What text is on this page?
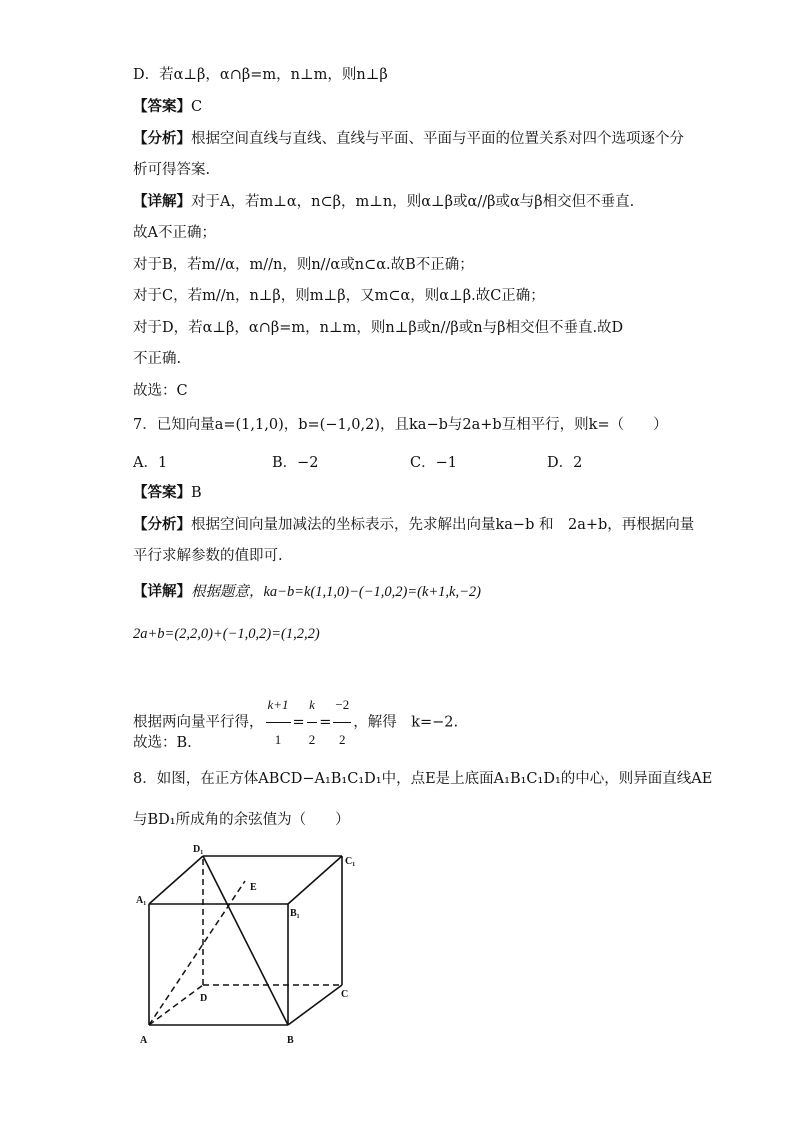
D．若α⊥β，α∩β=m，n⊥m，则n⊥β
【答案】C
【分析】根据空间直线与直线、直线与平面、平面与平面的位置关系对四个选项逐个分
析可得答案.
【详解】对于A，若m⊥α，n⊂β，m⊥n，则α⊥β或α//β或α与β相交但不垂直.
故A不正确；
对于B，若m//α，m//n，则n//α或n⊂α.故B不正确；
对于C，若m//n，n⊥β，则m⊥β，又m⊂α，则α⊥β.故C正确；
对于D，若α⊥β，α∩β=m，n⊥m，则n⊥β或n//β或n与β相交但不垂直.故D
不正确.
故选：C
7．已知向量a=(1,1,0)，b=(−1,0,2)，且ka−b与2a+b互相平行，则k=（　　）
A．1	B．−2	C．−1	D．2
【答案】B
【分析】根据空间向量加减法的坐标表示，先求解出向量ka−b 和　2a+b，再根据向量
平行求解参数的值即可.
【详解】根据题意，ka−b=k(1,1,0)−(−1,0,2)=(k+1,k,−2)
2a+b=(2,2,0)+(−1,0,2)=(1,2,2)
根据两向量平行得， $\frac{k+1}{1} = \frac{k}{2} = \frac{-2}{2}$ ，解得　k=−2.
故选：B.
8．如图，在正方体ABCD−A₁B₁C₁D₁中，点E是上底面A₁B₁C₁D₁的中心，则异面直线AE
与BD₁所成角的余弦值为（　　）
D₁
C₁
A₁
B₁
E
D	C
A	B
